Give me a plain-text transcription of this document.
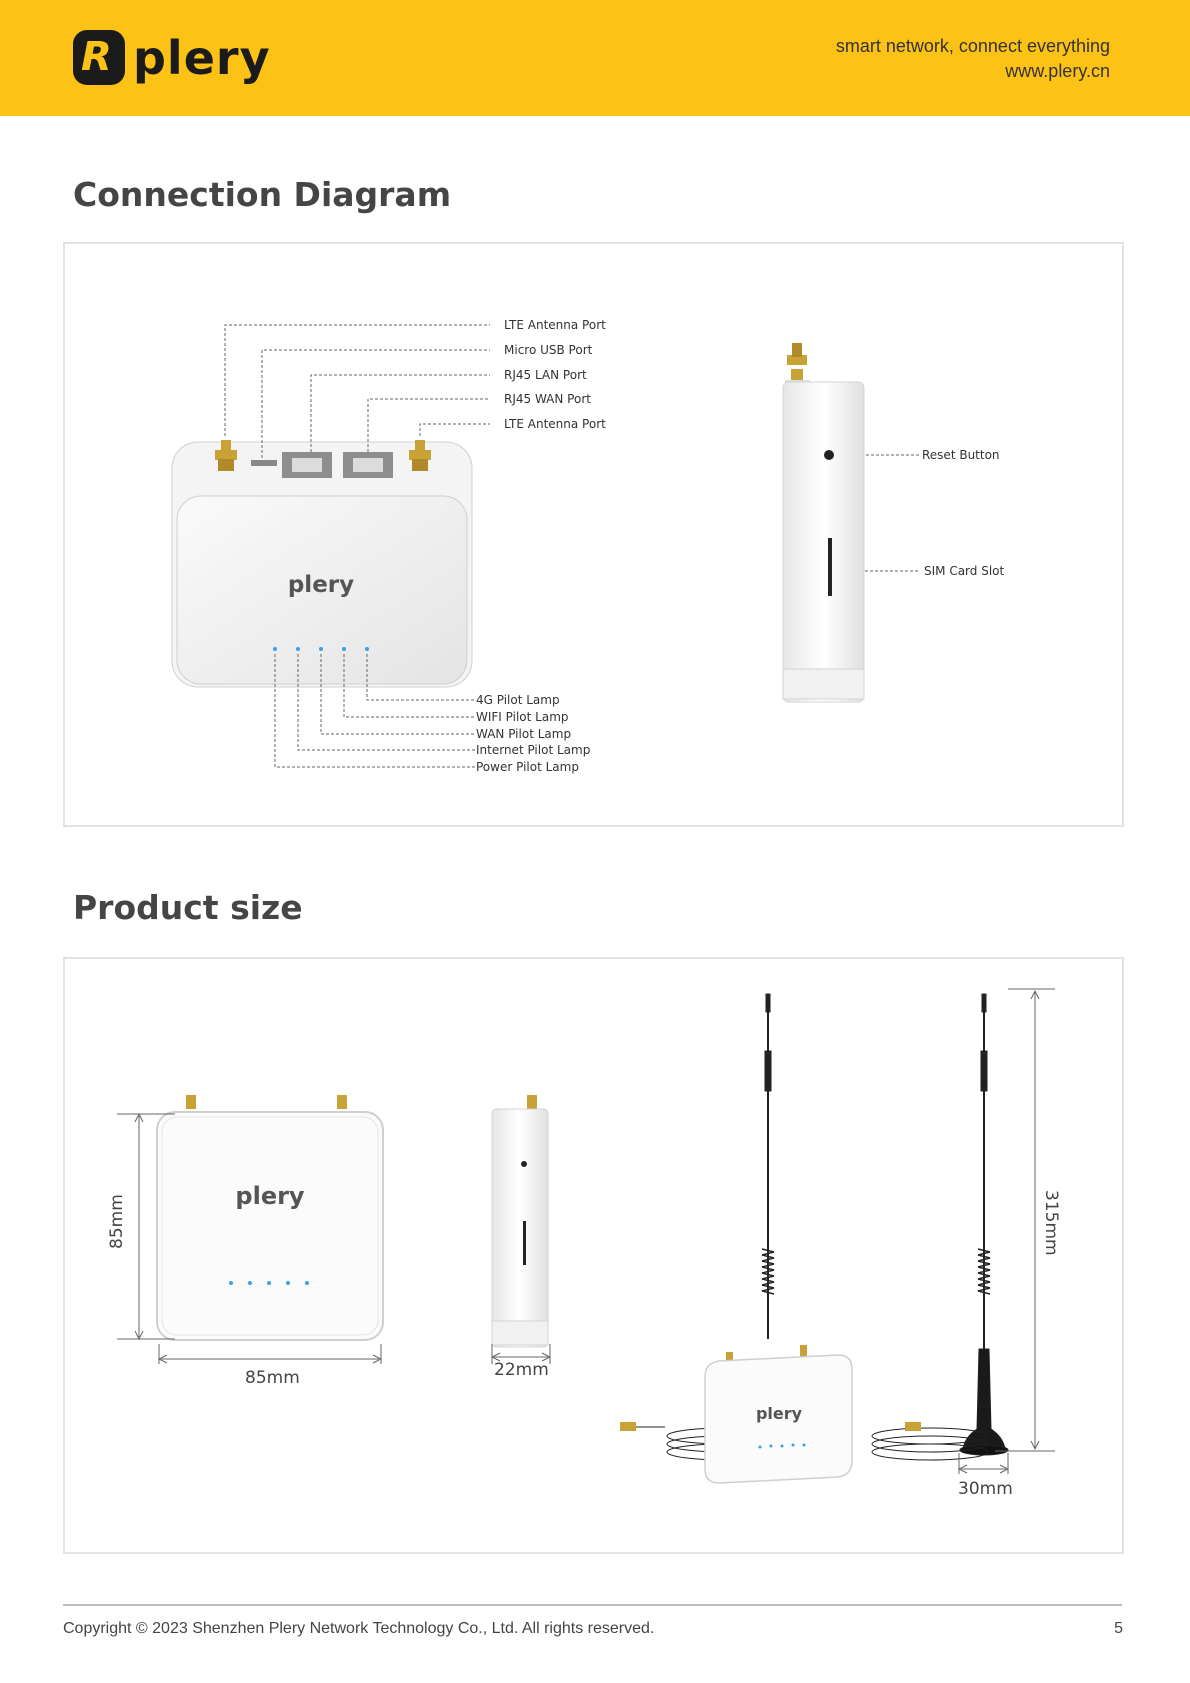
R plery	smart network, connect everything
www.plery.cn
Connection Diagram
plery
LTE Antenna Port
Micro USB Port
RJ45 LAN Port
RJ45 WAN Port
LTE Antenna Port
4G Pilot Lamp
WIFI Pilot Lamp
WAN Pilot Lamp
Internet Pilot Lamp
Power Pilot Lamp
Reset Button
SIM Card Slot
Product size
plery
plery
85mm
85mm	22mm
315mm
30mm
Copyright © 2023 Shenzhen Plery Network Technology Co., Ltd. All rights reserved.	5
